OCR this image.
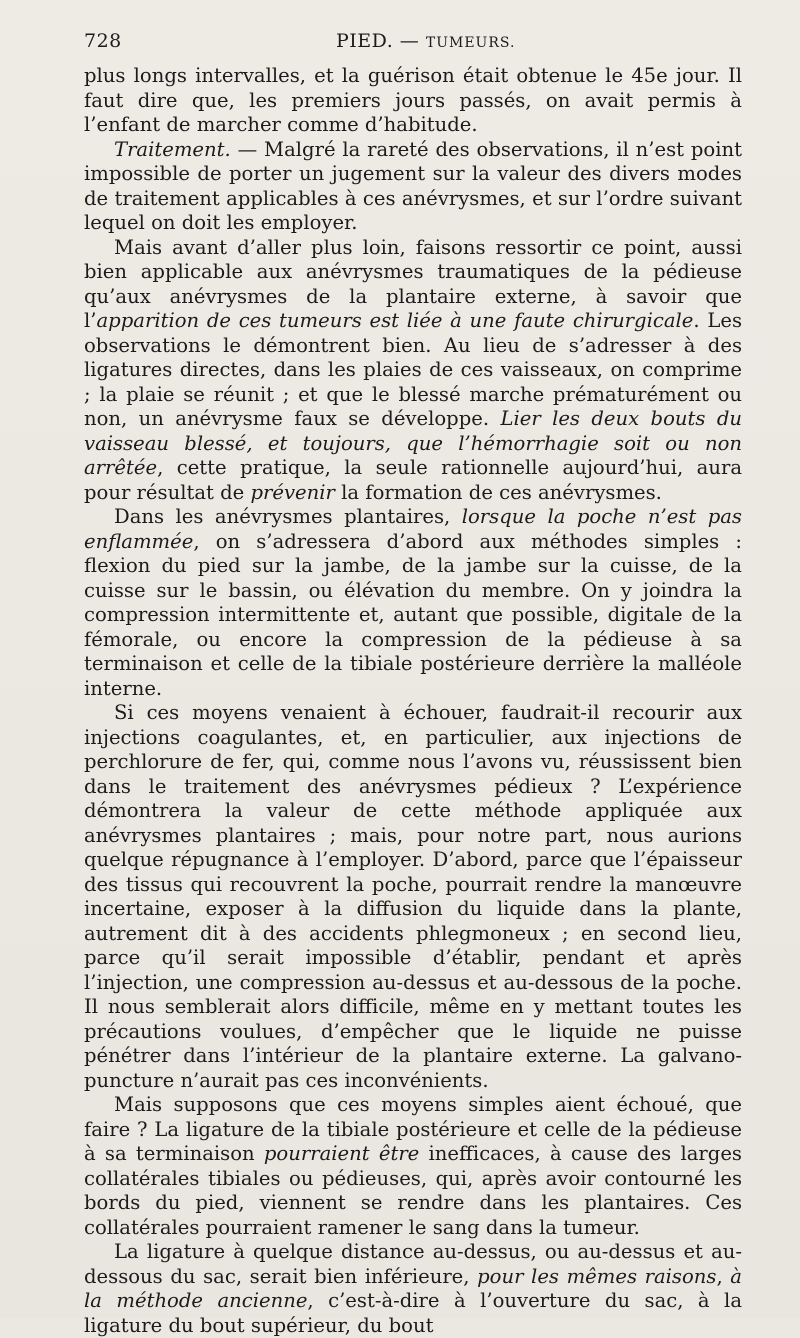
728	PIED. — TUMEURS.

plus longs intervalles, et la guérison était obtenue le 45e jour. Il faut dire que, les premiers jours passés, on avait permis à l’enfant de marcher comme d’habitude.

Traitement. — Malgré la rareté des observations, il n’est point impossible de porter un jugement sur la valeur des divers modes de traitement applicables à ces anévrysmes, et sur l’ordre suivant lequel on doit les employer.

Mais avant d’aller plus loin, faisons ressortir ce point, aussi bien applicable aux anévrysmes traumatiques de la pédieuse qu’aux anévrysmes de la plantaire externe, à savoir que l’apparition de ces tumeurs est liée à une faute chirurgicale. Les observations le démontrent bien. Au lieu de s’adresser à des ligatures directes, dans les plaies de ces vaisseaux, on comprime ; la plaie se réunit ; et que le blessé marche prématurément ou non, un anévrysme faux se développe. Lier les deux bouts du vaisseau blessé, et toujours, que l’hémorrhagie soit ou non arrêtée, cette pratique, la seule rationnelle aujourd’hui, aura pour résultat de prévenir la formation de ces anévrysmes.

Dans les anévrysmes plantaires, lorsque la poche n’est pas enflammée, on s’adressera d’abord aux méthodes simples : flexion du pied sur la jambe, de la jambe sur la cuisse, de la cuisse sur le bassin, ou élévation du membre. On y joindra la compression intermittente et, autant que possible, digitale de la fémorale, ou encore la compression de la pédieuse à sa terminaison et celle de la tibiale postérieure derrière la malléole interne.

Si ces moyens venaient à échouer, faudrait-il recourir aux injections coagulantes, et, en particulier, aux injections de perchlorure de fer, qui, comme nous l’avons vu, réussissent bien dans le traitement des anévrysmes pédieux ? L’expérience démontrera la valeur de cette méthode appliquée aux anévrysmes plantaires ; mais, pour notre part, nous aurions quelque répugnance à l’employer. D’abord, parce que l’épaisseur des tissus qui recouvrent la poche, pourrait rendre la manœuvre incertaine, exposer à la diffusion du liquide dans la plante, autrement dit à des accidents phlegmoneux ; en second lieu, parce qu’il serait impossible d’établir, pendant et après l’injection, une compression au-dessus et au-dessous de la poche. Il nous semblerait alors difficile, même en y mettant toutes les précautions voulues, d’empêcher que le liquide ne puisse pénétrer dans l’intérieur de la plantaire externe. La galvano-puncture n’aurait pas ces inconvénients.

Mais supposons que ces moyens simples aient échoué, que faire ? La ligature de la tibiale postérieure et celle de la pédieuse à sa terminaison pourraient être inefficaces, à cause des larges collatérales tibiales ou pédieuses, qui, après avoir contourné les bords du pied, viennent se rendre dans les plantaires. Ces collatérales pourraient ramener le sang dans la tumeur.

La ligature à quelque distance au-dessus, ou au-dessus et au-dessous du sac, serait bien inférieure, pour les mêmes raisons, à la méthode ancienne, c’est-à-dire à l’ouverture du sac, à la ligature du bout supérieur, du bout
